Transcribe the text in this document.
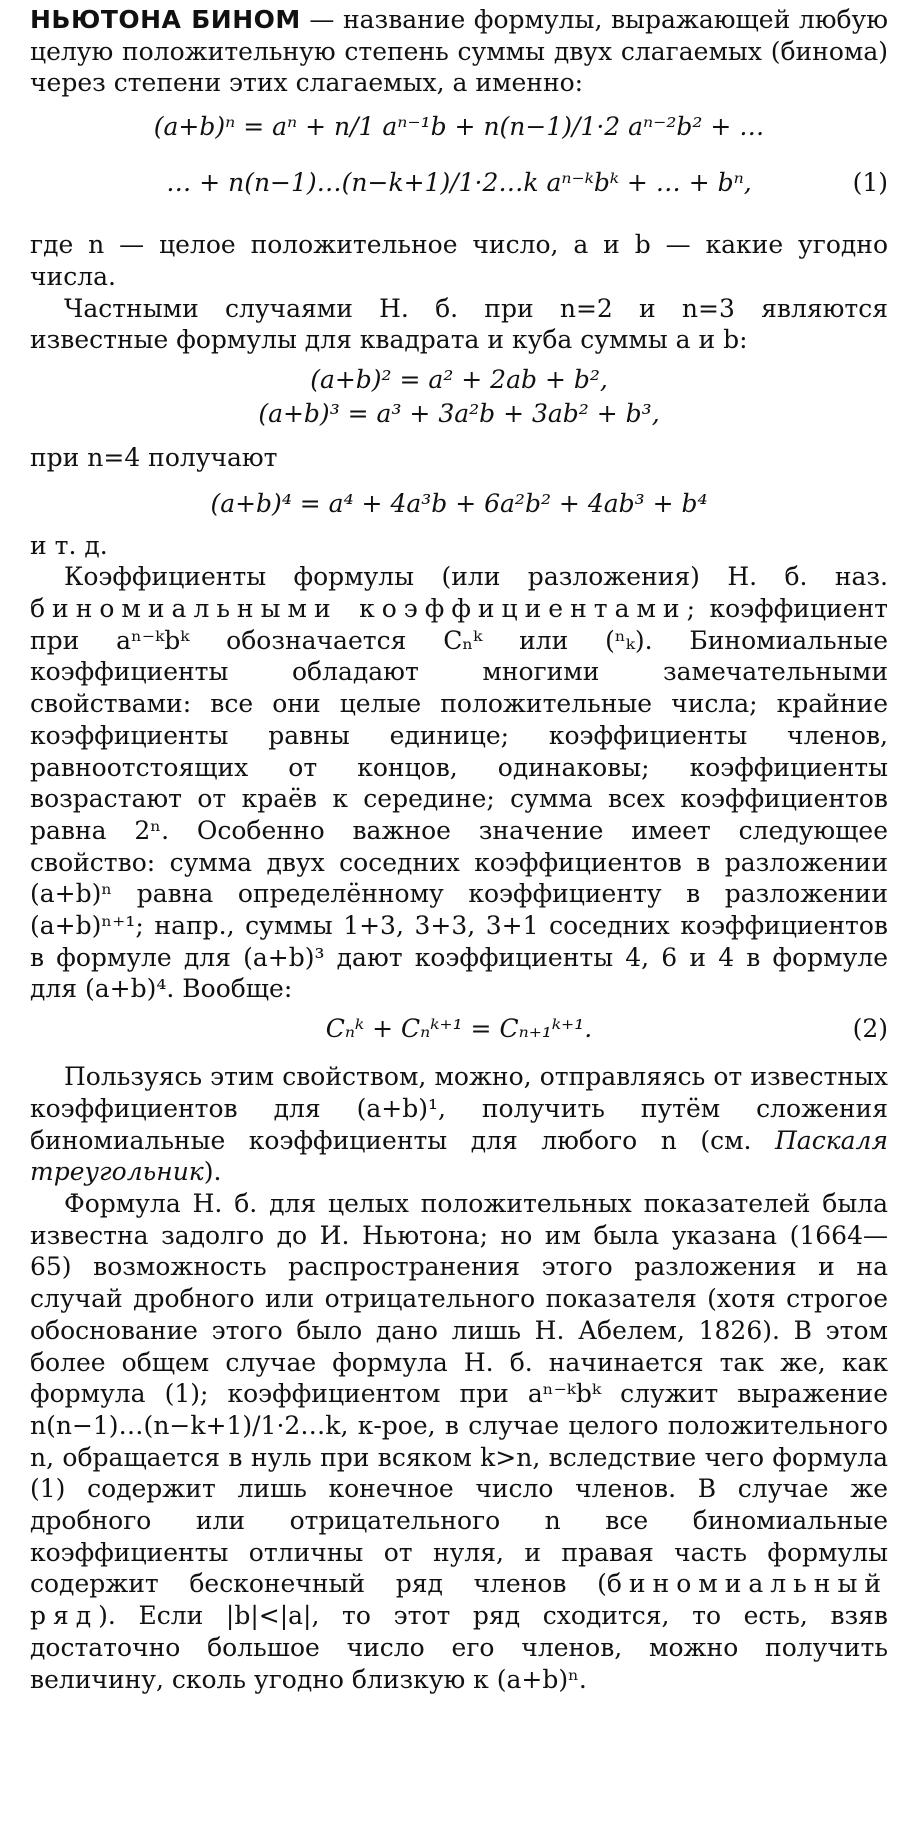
НЬЮТОНА БИНОМ — название формулы, выражающей любую целую положительную степень суммы двух слагаемых (бинома) через степени этих слагаемых, а именно:

(a+b)ⁿ = aⁿ + n/1 aⁿ⁻¹b + n(n−1)/1·2 aⁿ⁻²b² + …
… + n(n−1)…(n−k+1)/1·2…k aⁿ⁻ᵏbᵏ + … + bⁿ,	(1)

где n — целое положительное число, a и b — какие угодно числа.

Частными случаями Н. б. при n=2 и n=3 являются известные формулы для квадрата и куба суммы a и b:

(a+b)² = a² + 2ab + b²,
(a+b)³ = a³ + 3a²b + 3ab² + b³,

при n=4 получают

(a+b)⁴ = a⁴ + 4a³b + 6a²b² + 4ab³ + b⁴

и т. д.

Коэффициенты формулы (или разложения) Н. б. наз. биномиальными коэффициентами; коэффициент при aⁿ⁻ᵏbᵏ обозначается Cₙᵏ или (ⁿₖ). Биномиальные коэффициенты обладают многими замечательными свойствами: все они целые положительные числа; крайние коэффициенты равны единице; коэффициенты членов, равноотстоящих от концов, одинаковы; коэффициенты возрастают от краёв к середине; сумма всех коэффициентов равна 2ⁿ. Особенно важное значение имеет следующее свойство: сумма двух соседних коэффициентов в разложении (a+b)ⁿ равна определённому коэффициенту в разложении (a+b)ⁿ⁺¹; напр., суммы 1+3, 3+3, 3+1 соседних коэффициентов в формуле для (a+b)³ дают коэффициенты 4, 6 и 4 в формуле для (a+b)⁴. Вообще:

Cₙᵏ + Cₙᵏ⁺¹ = Cₙ₊₁ᵏ⁺¹.	(2)

Пользуясь этим свойством, можно, отправляясь от известных коэффициентов для (a+b)¹, получить путём сложения биномиальные коэффициенты для любого n (см. Паскаля треугольник).

Формула Н. б. для целых положительных показателей была известна задолго до И. Ньютона; но им была указана (1664—65) возможность распространения этого разложения и на случай дробного или отрицательного показателя (хотя строгое обоснование этого было дано лишь Н. Абелем, 1826). В этом более общем случае формула Н. б. начинается так же, как формула (1); коэффициентом при aⁿ⁻ᵏbᵏ служит выражение n(n−1)…(n−k+1)/1·2…k, к-рое, в случае целого положительного n, обращается в нуль при всяком k>n, вследствие чего формула (1) содержит лишь конечное число членов. В случае же дробного или отрицательного n все биномиальные коэффициенты отличны от нуля, и правая часть формулы содержит бесконечный ряд членов (биномиальный ряд). Если |b|<|a|, то этот ряд сходится, то есть, взяв достаточно большое число его членов, можно получить величину, сколь угодно близкую к (a+b)ⁿ.
